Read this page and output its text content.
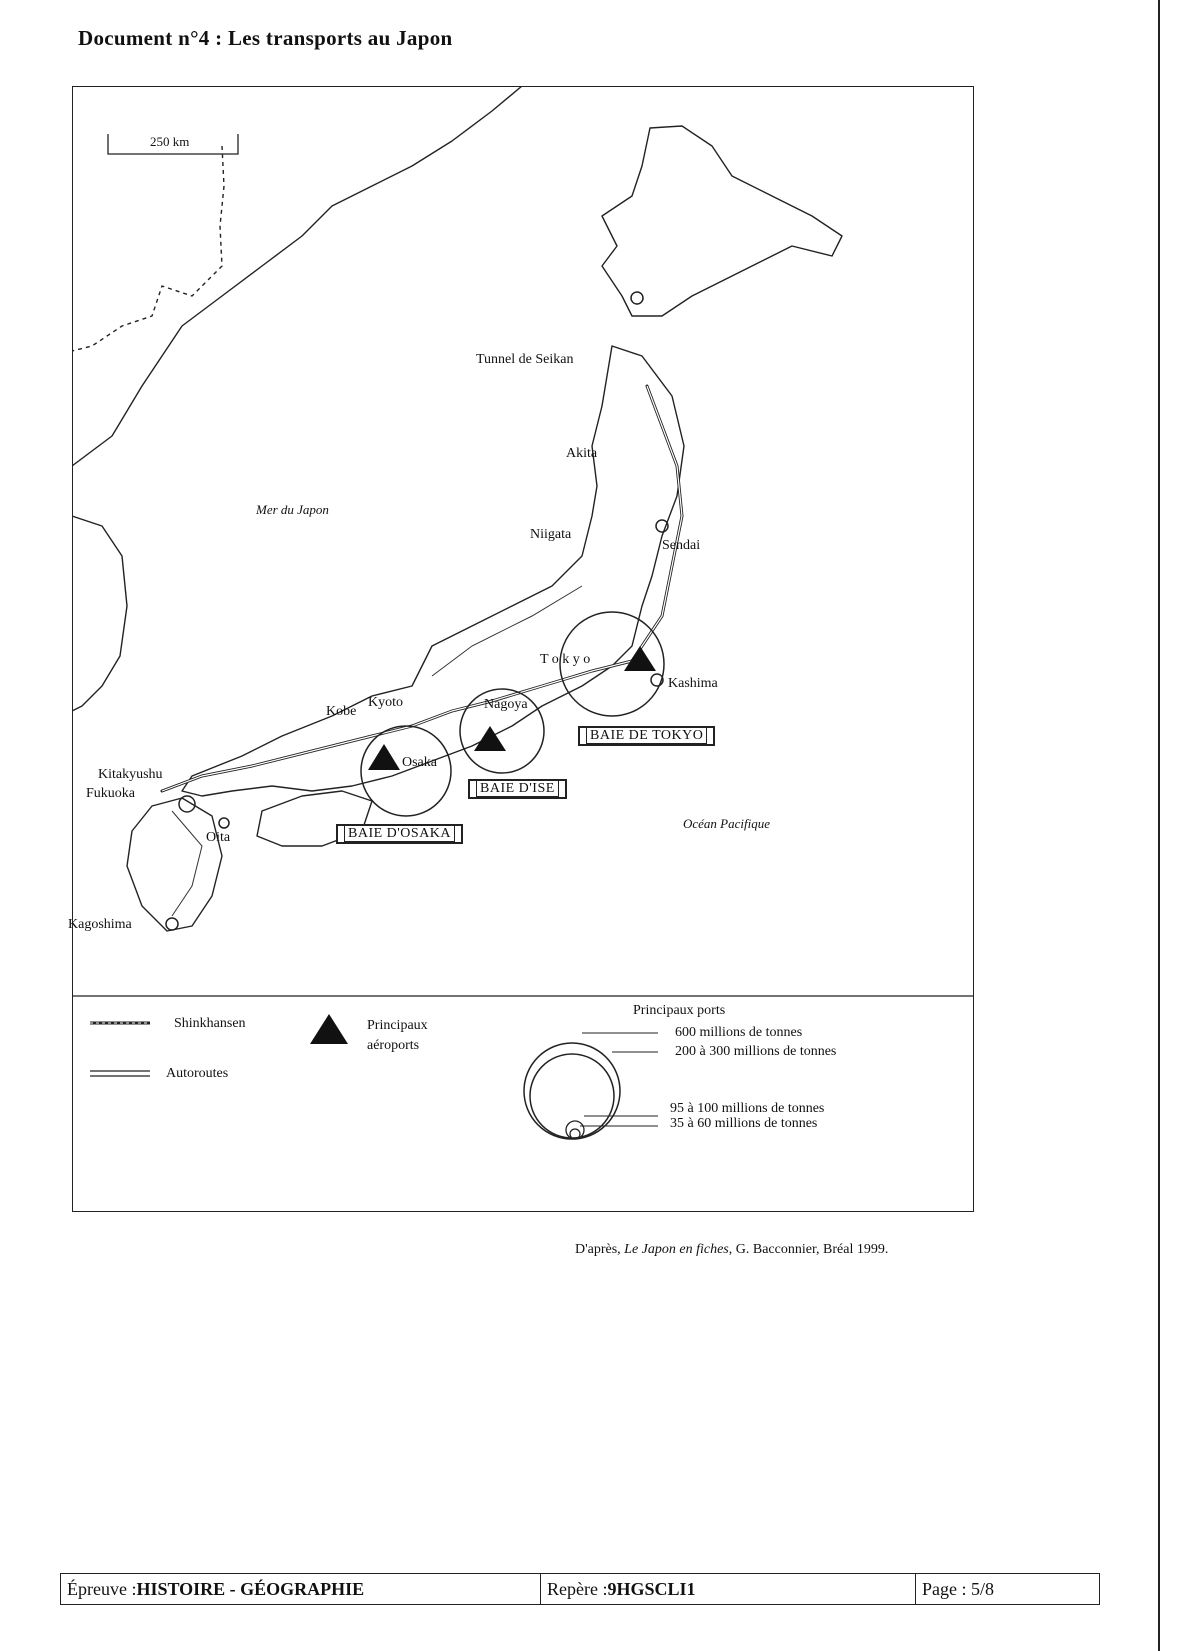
Document n°4 : Les transports au Japon
250 km
Mer du Japon
Océan Pacifique
Tunnel de Seikan
Akita
Niigata
Sendai
T o k y o
Kashima
Nagoya
Kobe
Kyoto
Osaka
Kitakyushu
Fukuoka
Oita
Kagoshima
BAIE DE TOKYO
BAIE D'ISE
BAIE D'OSAKA
Shinkhansen
Autoroutes
Principaux
aéroports
Principaux ports
600 millions de tonnes
200 à 300 millions de tonnes
95 à 100 millions de tonnes
35 à 60 millions de tonnes
D'après, Le Japon en fiches, G. Bacconnier, Bréal 1999.
Épreuve : HISTOIRE - GÉOGRAPHIE	Repère : 9HGSCLI1	Page : 5/8
